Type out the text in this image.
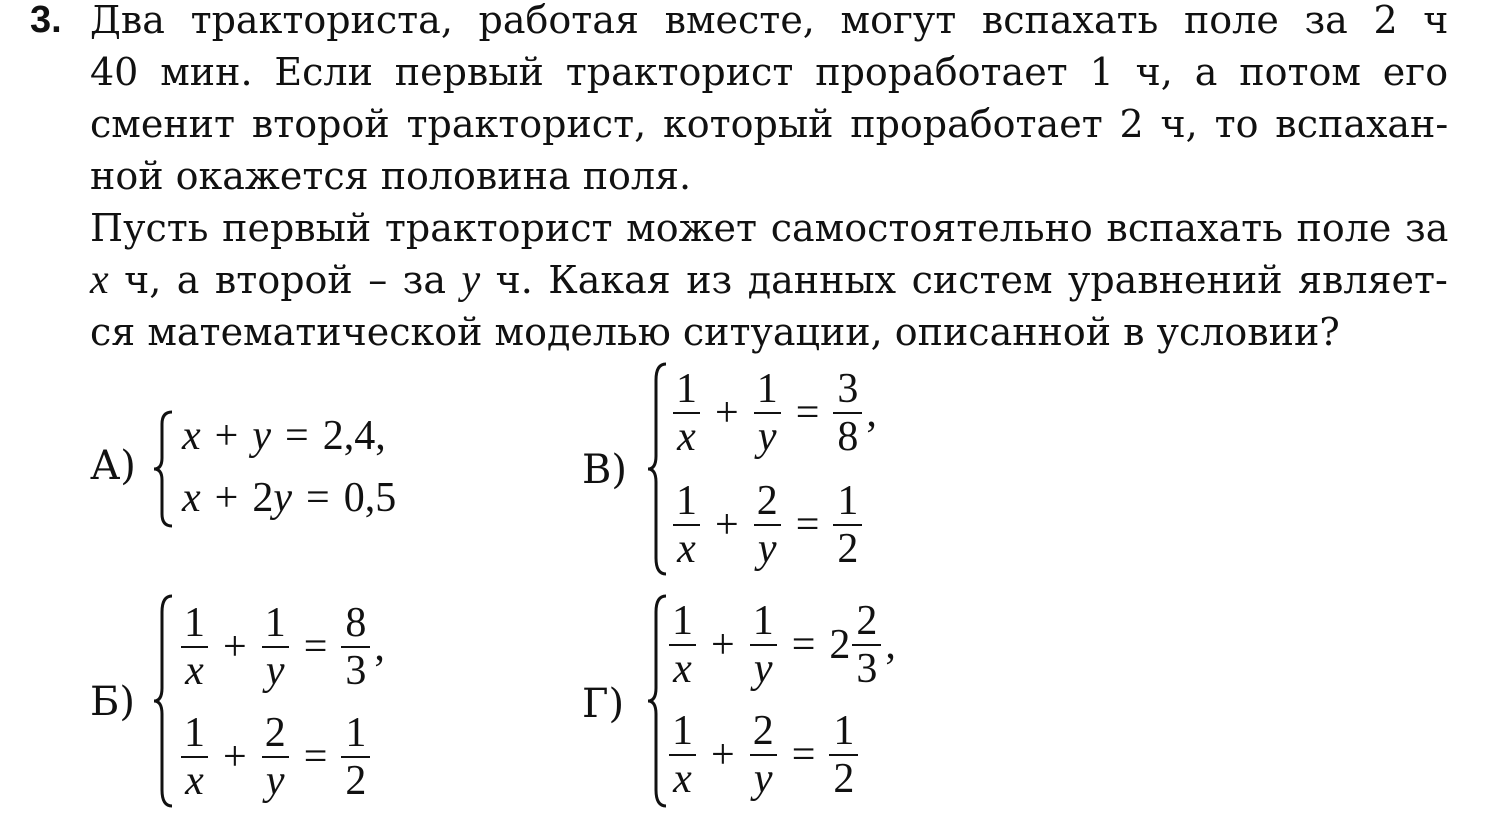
3. Два тракториста, работая вместе, могут вспахать поле за 2 ч
40 мин. Если первый тракторист проработает 1 ч, а потом его
сменит второй тракторист, который проработает 2 ч, то вспахан-
ной окажется половина поля.
Пусть первый тракторист может самостоятельно вспахать поле за
x ч, а второй – за y ч. Какая из данных систем уравнений являет-
ся математической моделью ситуации, описанной в условии?
А)
x + y = 2,4,
x + 2 y = 0,5
Б)
$\frac{1}{x} + \frac{1}{y} = \frac{8}{3}$ ,
$\frac{1}{x} + \frac{2}{y} = \frac{1}{2}$
В)
$\frac{1}{x} + \frac{1}{y} = \frac{3}{8}$ ,
$\frac{1}{x} + \frac{2}{y} = \frac{1}{2}$
Г)
$\frac{1}{x} + \frac{1}{y} = 2 \frac{2}{3}$ ,
$\frac{1}{x} + \frac{2}{y} = \frac{1}{2}$
